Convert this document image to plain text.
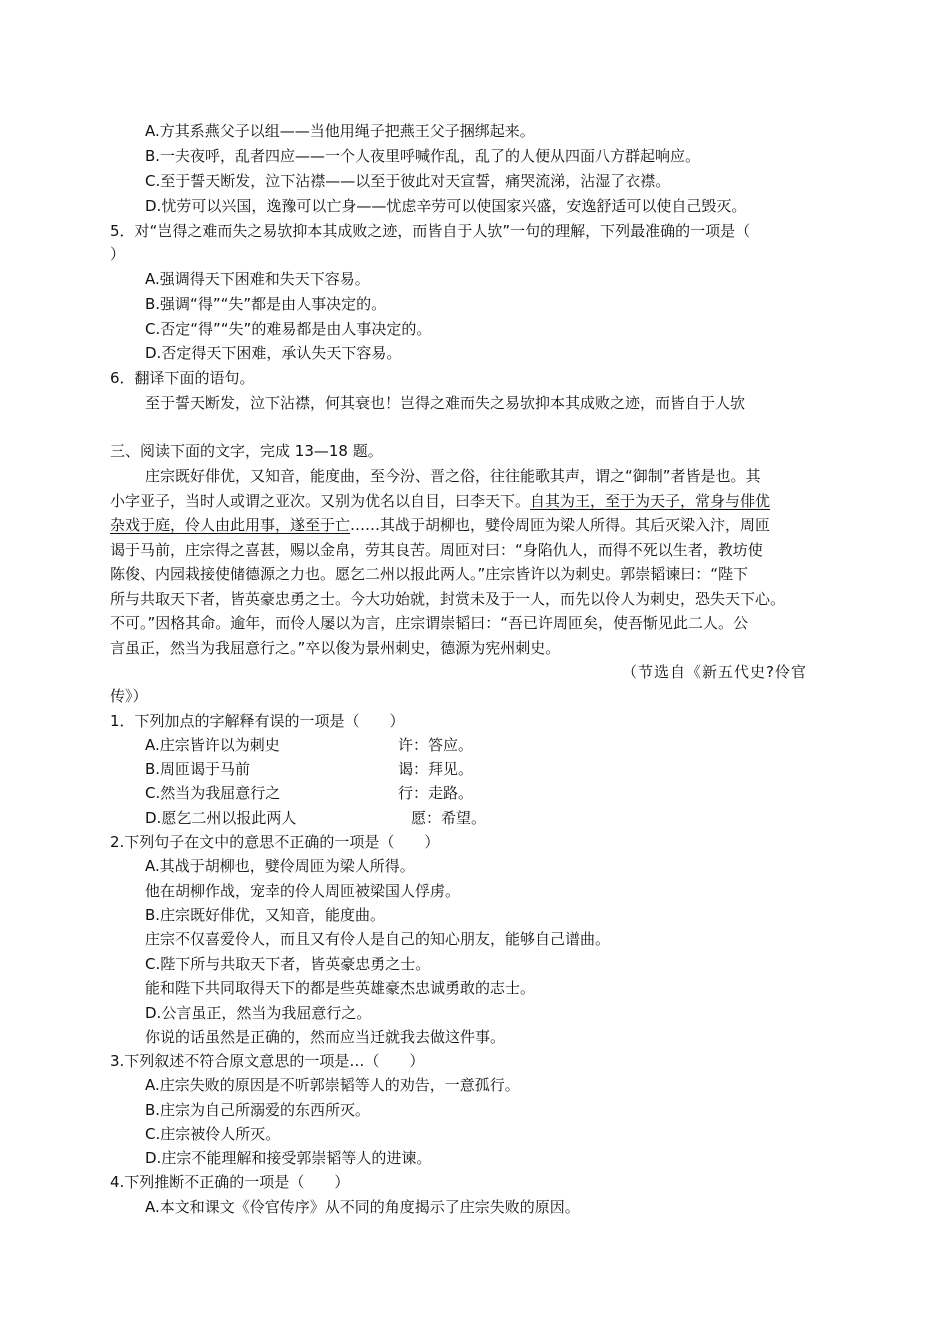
A.方其系燕父子以组——当他用绳子把燕王父子捆绑起来。
B.一夫夜呼，乱者四应——一个人夜里呼喊作乱，乱了的人便从四面八方群起响应。
C.至于誓天断发，泣下沾襟——以至于彼此对天宣誓，痛哭流涕，沾湿了衣襟。
D.忧劳可以兴国，逸豫可以亡身——忧虑辛劳可以使国家兴盛，安逸舒适可以使自己毁灭。
5．对“岂得之难而失之易欤抑本其成败之迹，而皆自于人欤”一句的理解，下列最准确的一项是（
）
A.强调得天下困难和失天下容易。
B.强调“得”“失”都是由人事决定的。
C.否定“得”“失”的难易都是由人事决定的。
D.否定得天下困难，承认失天下容易。
6．翻译下面的语句。
至于誓天断发，泣下沾襟，何其衰也！岂得之难而失之易欤抑本其成败之迹，而皆自于人欤
三、阅读下面的文字，完成 13—18 题。
庄宗既好俳优，又知音，能度曲，至今汾、晋之俗，往往能歌其声，谓之“御制”者皆是也。其
小字亚子，当时人或谓之亚次。又别为优名以自目，曰李天下。自其为王，至于为天子，常身与俳优
杂戏于庭，伶人由此用事，遂至于亡……其战于胡柳也，嬖伶周匝为梁人所得。其后灭梁入汴，周匝
谒于马前，庄宗得之喜甚，赐以金帛，劳其良苦。周匝对曰：“身陷仇人，而得不死以生者，教坊使
陈俊、内园栽接使储德源之力也。愿乞二州以报此两人。”庄宗皆许以为刺史。郭崇韬谏曰：“陛下
所与共取天下者，皆英豪忠勇之士。今大功始就，封赏未及于一人，而先以伶人为刺史，恐失天下心。
不可。”因格其命。逾年，而伶人屡以为言，庄宗谓崇韬曰：“吾已许周匝矣，使吾惭见此二人。公
言虽正，然当为我屈意行之。”卒以俊为景州刺史，德源为宪州刺史。
（节选自《新五代史?伶官
传》）
1．下列加点的字解释有误的一项是（　　）
A.庄宗皆许以为刺史	许：答应。
B.周匝谒于马前	谒：拜见。
C.然当为我屈意行之	行：走路。
D.愿乞二州以报此两人	愿：希望。
2.下列句子在文中的意思不正确的一项是（　　）
A.其战于胡柳也，嬖伶周匝为梁人所得。
他在胡柳作战，宠幸的伶人周匝被梁国人俘虏。
B.庄宗既好俳优，又知音，能度曲。
庄宗不仅喜爱伶人，而且又有伶人是自己的知心朋友，能够自己谱曲。
C.陛下所与共取天下者，皆英豪忠勇之士。
能和陛下共同取得天下的都是些英雄豪杰忠诚勇敢的志士。
D.公言虽正，然当为我屈意行之。
你说的话虽然是正确的，然而应当迁就我去做这件事。
3.下列叙述不符合原文意思的一项是…（　　）
A.庄宗失败的原因是不听郭崇韬等人的劝告，一意孤行。
B.庄宗为自己所溺爱的东西所灭。
C.庄宗被伶人所灭。
D.庄宗不能理解和接受郭崇韬等人的进谏。
4.下列推断不正确的一项是（　　）
A.本文和课文《伶官传序》从不同的角度揭示了庄宗失败的原因。
